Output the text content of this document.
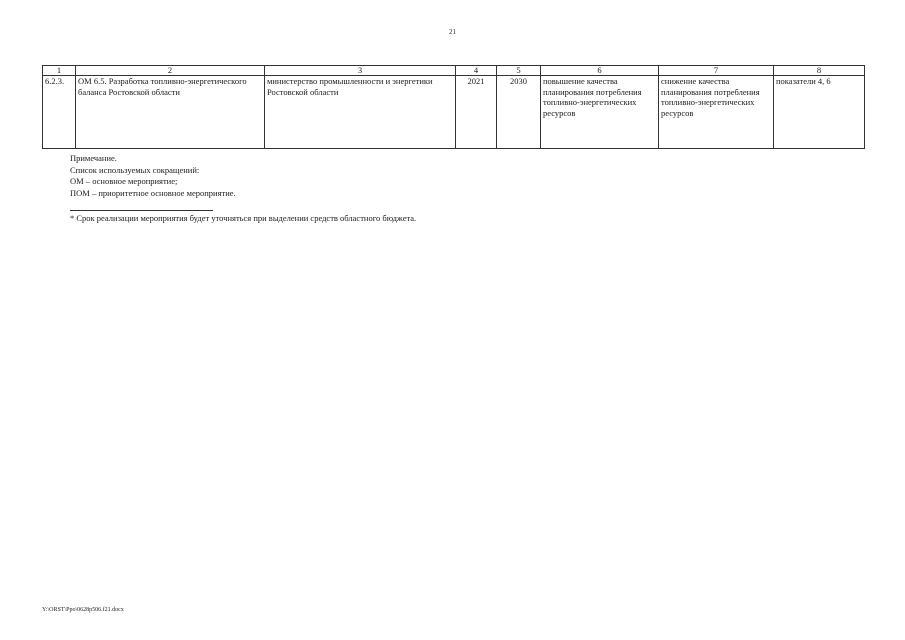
21
1	2	3	4	5	6	7	8
6.2.3.	ОМ 6.5. Разработка топливно-энергетического баланса Ростовской области	министерство промышленности и энергетики Ростовской области	2021	2030	повышение качества планирования потребления топливно-энергетических ресурсов	снижение качества планирования потребления топливно-энергетических ресурсов	показатели 4, 6
Примечание.
Список используемых сокращений:
ОМ – основное мероприятие;
ПОМ – приоритетное основное мероприятие.
* Срок реализации мероприятия будет уточняться при выделении средств областного бюджета.
Y:\ORST\Ppo\0628p506.f21.docx
